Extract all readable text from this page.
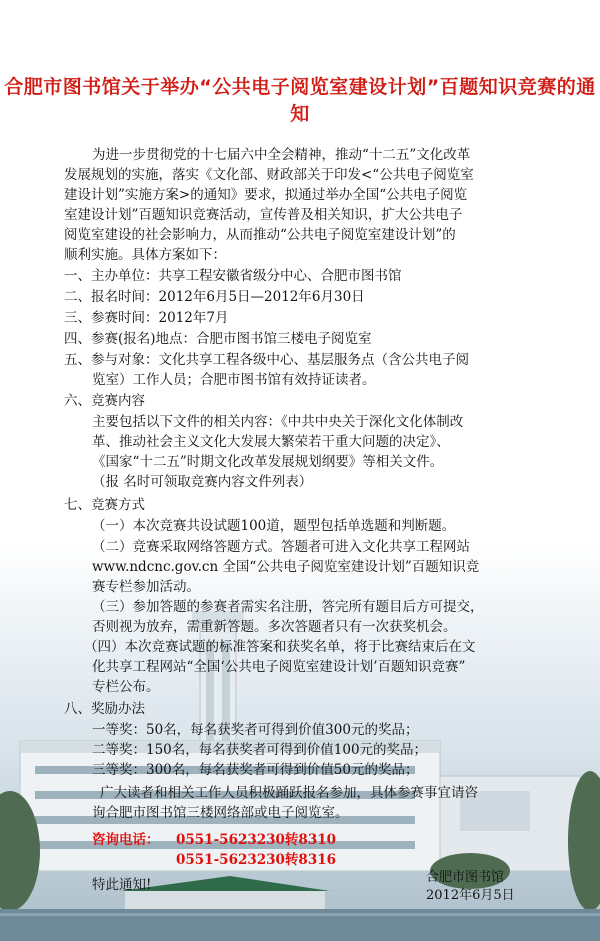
合肥市图书馆关于举办“公共电子阅览室建设计划”百题知识竞赛的通知
为进一步贯彻党的十七届六中全会精神，推动“十二五”文化改革
发展规划的实施，落实《文化部、财政部关于印发<“公共电子阅览室
建设计划”实施方案>的通知》要求，拟通过举办全国“公共电子阅览
室建设计划”百题知识竞赛活动，宣传普及相关知识，扩大公共电子
阅览室建设的社会影响力，从而推动“公共电子阅览室建设计划”的
顺利实施。具体方案如下：
一、主办单位：共享工程安徽省级分中心、合肥市图书馆
二、报名时间：2012年6月5日—2012年6月30日
三、参赛时间：2012年7月
四、参赛(报名)地点：合肥市图书馆三楼电子阅览室
五、参与对象：文化共享工程各级中心、基层服务点（含公共电子阅
览室）工作人员；合肥市图书馆有效持证读者。
六、竞赛内容
主要包括以下文件的相关内容：《中共中央关于深化文化体制改
革、推动社会主义文化大发展大繁荣若干重大问题的决定》、
《国家“十二五”时期文化改革发展规划纲要》等相关文件。
（报 名时可领取竞赛内容文件列表）
七、竞赛方式
（一）本次竞赛共设试题100道，题型包括单选题和判断题。
（二）竞赛采取网络答题方式。答题者可进入文化共享工程网站
www.ndcnc.gov.cn 全国“公共电子阅览室建设计划”百题知识竞
赛专栏参加活动。
（三）参加答题的参赛者需实名注册，答完所有题目后方可提交，
否则视为放弃，需重新答题。多次答题者只有一次获奖机会。
（四）本次竞赛试题的标准答案和获奖名单，将于比赛结束后在文
化共享工程网站“全国‘公共电子阅览室建设计划’百题知识竞赛”
专栏公布。
八、奖励办法
一等奖：50名，每名获奖者可得到价值300元的奖品；
二等奖：150名，每名获奖者可得到价值100元的奖品；
三等奖：300名，每名获奖者可得到价值50元的奖品；
广大读者和相关工作人员积极踊跃报名参加，具体参赛事宜请咨
询合肥市图书馆三楼网络部或电子阅览室。
咨询电话： 0551-5623230转8310
0551-5623230转8316
特此通知!	合肥市图书馆
2012年6月5日
